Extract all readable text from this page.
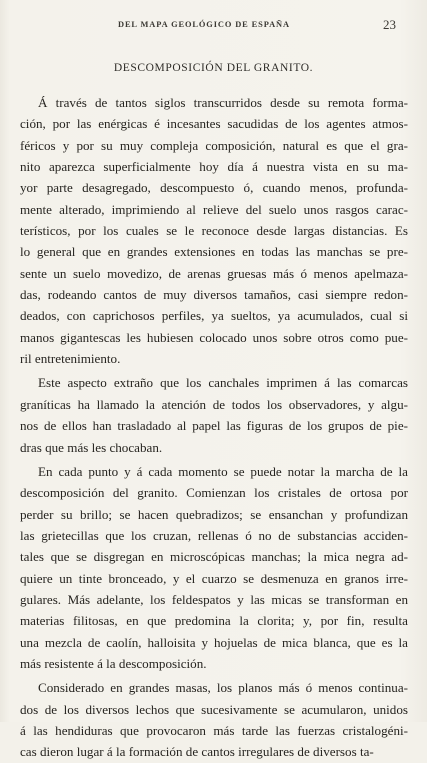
DEL MAPA GEOLÓGICO DE ESPAÑA	23
DESCOMPOSICIÓN DEL GRANITO.
Á través de tantos siglos transcurridos desde su remota forma-
ción, por las enérgicas é incesantes sacudidas de los agentes atmos-
féricos y por su muy compleja composición, natural es que el gra-
nito aparezca superficialmente hoy día á nuestra vista en su ma-
yor parte desagregado, descompuesto ó, cuando menos, profunda-
mente alterado, imprimiendo al relieve del suelo unos rasgos carac-
terísticos, por los cuales se le reconoce desde largas distancias. Es
lo general que en grandes extensiones en todas las manchas se pre-
sente un suelo movedizo, de arenas gruesas más ó menos apelmaza-
das, rodeando cantos de muy diversos tamaños, casi siempre redon-
deados, con caprichosos perfiles, ya sueltos, ya acumulados, cual si
manos gigantescas les hubiesen colocado unos sobre otros como pue-
ril entretenimiento.
Este aspecto extraño que los canchales imprimen á las comarcas
graníticas ha llamado la atención de todos los observadores, y algu-
nos de ellos han trasladado al papel las figuras de los grupos de pie-
dras que más les chocaban.
En cada punto y á cada momento se puede notar la marcha de la
descomposición del granito. Comienzan los cristales de ortosa por
perder su brillo; se hacen quebradizos; se ensanchan y profundizan
las grietecillas que los cruzan, rellenas ó no de substancias acciden-
tales que se disgregan en microscópicas manchas; la mica negra ad-
quiere un tinte bronceado, y el cuarzo se desmenuza en granos irre-
gulares. Más adelante, los feldespatos y las micas se transforman en
materias filitosas, en que predomina la clorita; y, por fin, resulta
una mezcla de caolín, halloisita y hojuelas de mica blanca, que es la
más resistente á la descomposición.
Considerado en grandes masas, los planos más ó menos continua-
dos de los diversos lechos que sucesivamente se acumularon, unidos
á las hendiduras que provocaron más tarde las fuerzas cristalogéni-
cas dieron lugar á la formación de cantos irregulares de diversos ta-
